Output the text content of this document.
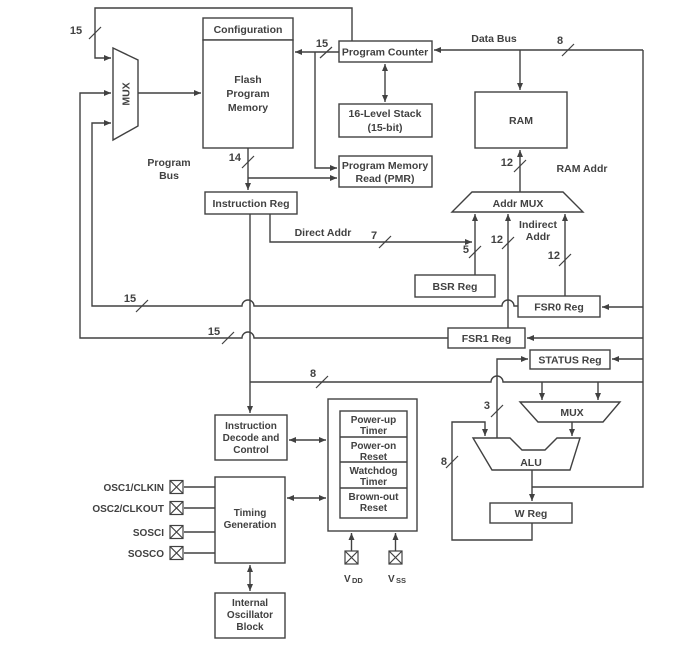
15
15	8
14	12
7
5
12
12
15
15
8
3
8
Data Bus
Program
Bus
RAM Addr
Direct Addr
Indirect
Addr
Configuration
Flash
Program
Memory
MUX
Program Counter
16-Level Stack
(15-bit)
Program Memory
Read (PMR)
Instruction Reg
RAM
Addr MUX
BSR Reg
FSR0 Reg
FSR1 Reg
STATUS Reg
MUX
ALU
W Reg
Instruction
Decode and
Control
Timing
Generation
Internal
Oscillator
Block
Power-up
Timer
Power-on
Reset
Watchdog
Timer
Brown-out
Reset
OSC1/CLKIN
OSC2/CLKOUT
SOSCI
SOSCO
V DD	V SS
